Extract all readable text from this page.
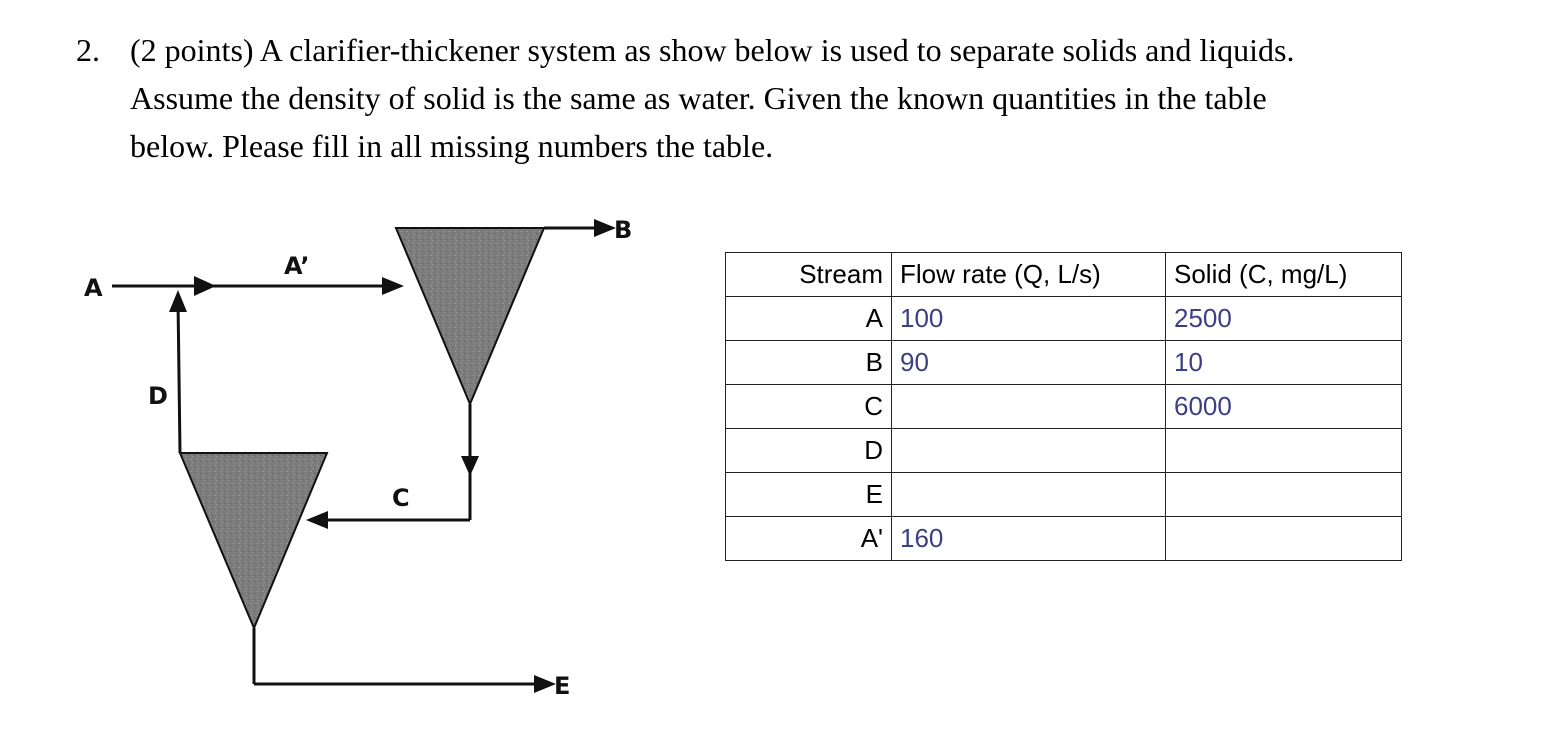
2. (2 points) A clarifier-thickener system as show below is used to separate solids and liquids.
Assume the density of solid is the same as water. Given the known quantities in the table
below. Please fill in all missing numbers the table.
A
A’
B
C
D
E
Stream	Flow rate (Q, L/s)	Solid (C, mg/L)
A	100	2500
B	90	10
C		6000
D		
E		
A'	160	
